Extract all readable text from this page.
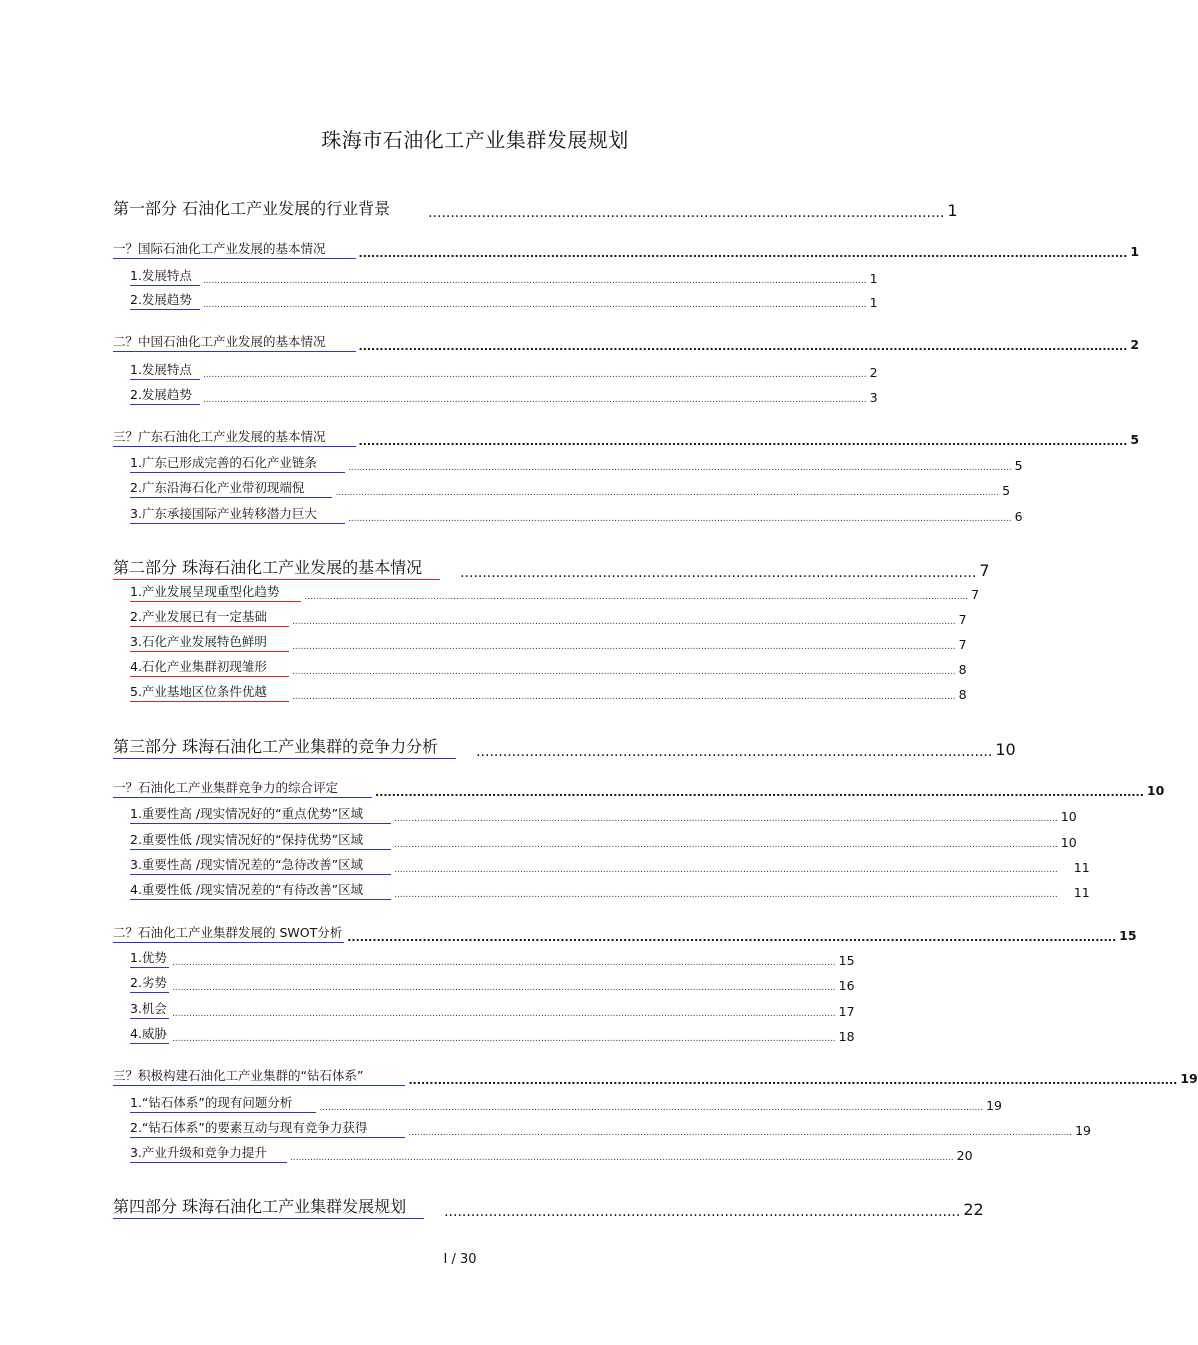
珠海市石油化工产业集群发展规划
第一部分 石油化工产业发展的行业背景	.................................................................................................................... 1
一？国际石油化工产业发展的基本情况	........................................................................................................................................................................................ 1
1.发展特点	........................................................................................................................................................................................................................................ 1
2.发展趋势	........................................................................................................................................................................................................................................ 1
二？中国石油化工产业发展的基本情况	........................................................................................................................................................................................ 2
1.发展特点	........................................................................................................................................................................................................................................ 2
2.发展趋势	........................................................................................................................................................................................................................................ 3
三？广东石油化工产业发展的基本情况	........................................................................................................................................................................................ 5
1.广东已形成完善的石化产业链条	........................................................................................................................................................................................................................................ 5
2.广东沿海石化产业带初现端倪	........................................................................................................................................................................................................................................ 5
3.广东承接国际产业转移潜力巨大	........................................................................................................................................................................................................................................ 6
第二部分 珠海石油化工产业发展的基本情况	.................................................................................................................... 7
1.产业发展呈现重型化趋势	........................................................................................................................................................................................................................................ 7
2.产业发展已有一定基础	........................................................................................................................................................................................................................................ 7
3.石化产业发展特色鲜明	........................................................................................................................................................................................................................................ 7
4.石化产业集群初现雏形	........................................................................................................................................................................................................................................ 8
5.产业基地区位条件优越	........................................................................................................................................................................................................................................ 8
第三部分 珠海石油化工产业集群的竞争力分析	.................................................................................................................... 10
一？石油化工产业集群竞争力的综合评定	........................................................................................................................................................................................ 10
1.重要性高 /现实情况好的“重点优势”区域	........................................................................................................................................................................................................................................ 10
2.重要性低 /现实情况好的“保持优势”区域	........................................................................................................................................................................................................................................ 10
3.重要性高 /现实情况差的“急待改善”区域	........................................................................................................................................................................................................................................ 11
4.重要性低 /现实情况差的“有待改善”区域	........................................................................................................................................................................................................................................ 11
二？石油化工产业集群发展的 SWOT分析 ........................................................................................................................................................................................ 15
1.优势 ........................................................................................................................................................................................................................................ 15
2.劣势 ........................................................................................................................................................................................................................................ 16
3.机会 ........................................................................................................................................................................................................................................ 17
4.威胁 ........................................................................................................................................................................................................................................ 18
三？积极构建石油化工产业集群的“钻石体系”	........................................................................................................................................................................................ 19
1.“钻石体系”的现有问题分析	........................................................................................................................................................................................................................................ 19
2.“钻石体系”的要素互动与现有竞争力获得	........................................................................................................................................................................................................................................ 19
3.产业升级和竞争力提升	........................................................................................................................................................................................................................................ 20
第四部分 珠海石油化工产业集群发展规划	.................................................................................................................... 22
I / 30
